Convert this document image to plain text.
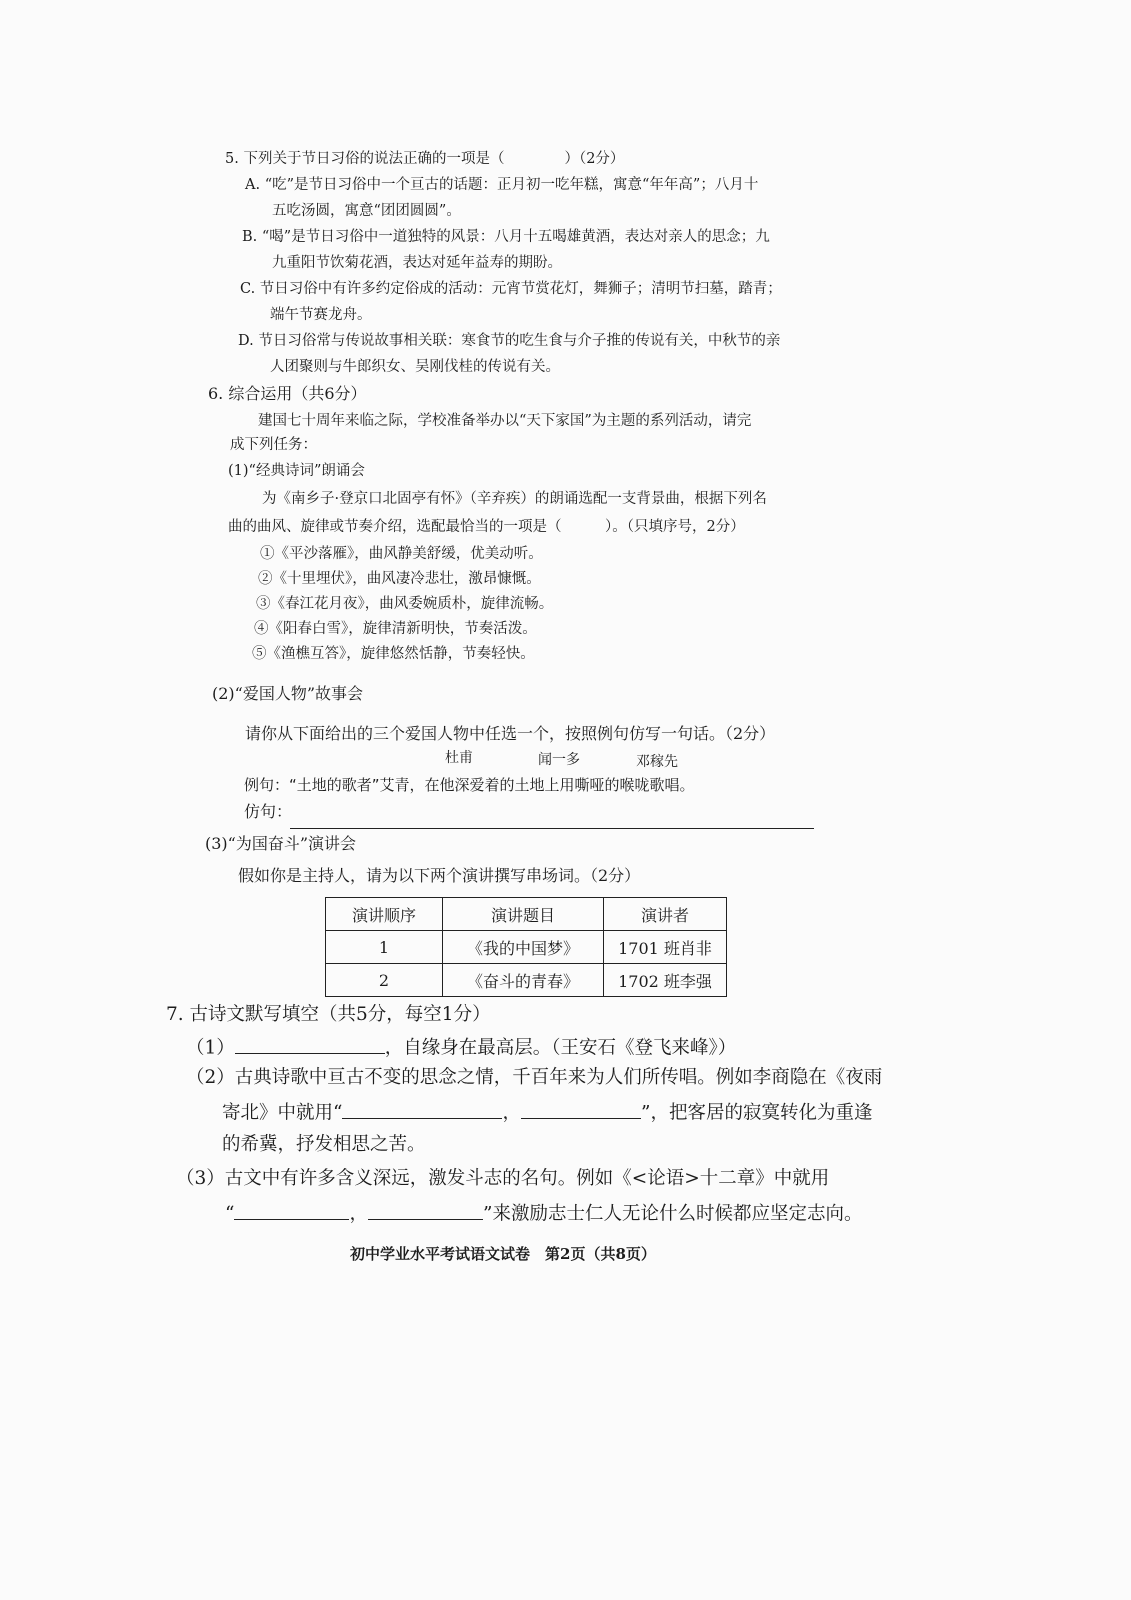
5. 下列关于节日习俗的说法正确的一项是（	）（2分）
A. “吃”是节日习俗中一个亘古的话题：正月初一吃年糕，寓意“年年高”；八月十
五吃汤圆，寓意“团团圆圆”。
B. “喝”是节日习俗中一道独特的风景：八月十五喝雄黄酒，表达对亲人的思念；九
九重阳节饮菊花酒，表达对延年益寿的期盼。
C. 节日习俗中有许多约定俗成的活动：元宵节赏花灯，舞狮子；清明节扫墓，踏青；
端午节赛龙舟。
D. 节日习俗常与传说故事相关联：寒食节的吃生食与介子推的传说有关，中秋节的亲
人团聚则与牛郎织女、吴刚伐桂的传说有关。
6. 综合运用（共6分）
建国七十周年来临之际，学校准备举办以“天下家国”为主题的系列活动，请完
成下列任务：
(1)“经典诗词”朗诵会
为《南乡子·登京口北固亭有怀》（辛弃疾）的朗诵选配一支背景曲，根据下列名
曲的曲风、旋律或节奏介绍，选配最恰当的一项是（　　　）。（只填序号，2分）
①《平沙落雁》，曲风静美舒缓，优美动听。
②《十里埋伏》，曲风凄冷悲壮，激昂慷慨。
③《春江花月夜》，曲风委婉质朴，旋律流畅。
④《阳春白雪》，旋律清新明快，节奏活泼。
⑤《渔樵互答》，旋律悠然恬静，节奏轻快。
(2)“爱国人物”故事会
请你从下面给出的三个爱国人物中任选一个，按照例句仿写一句话。（2分）
杜甫	闻一多	邓稼先
例句：“土地的歌者”艾青，在他深爱着的土地上用嘶哑的喉咙歌唱。
仿句：
(3)“为国奋斗”演讲会
假如你是主持人，请为以下两个演讲撰写串场词。（2分）
演讲顺序	演讲题目	演讲者
1	《我的中国梦》	1701 班肖非
2	《奋斗的青春》	1702 班李强
7. 古诗文默写填空（共5分，每空1分）
（1）	，自缘身在最高层。（王安石《登飞来峰》）
（2）古典诗歌中亘古不变的思念之情，千百年来为人们所传唱。例如李商隐在《夜雨
寄北》中就用“	，	”，把客居的寂寞转化为重逢
的希冀，抒发相思之苦。
（3）古文中有许多含义深远，激发斗志的名句。例如《<论语>十二章》中就用
“	，	”来激励志士仁人无论什么时候都应坚定志向。
初中学业水平考试语文试卷　第2页（共8页）
